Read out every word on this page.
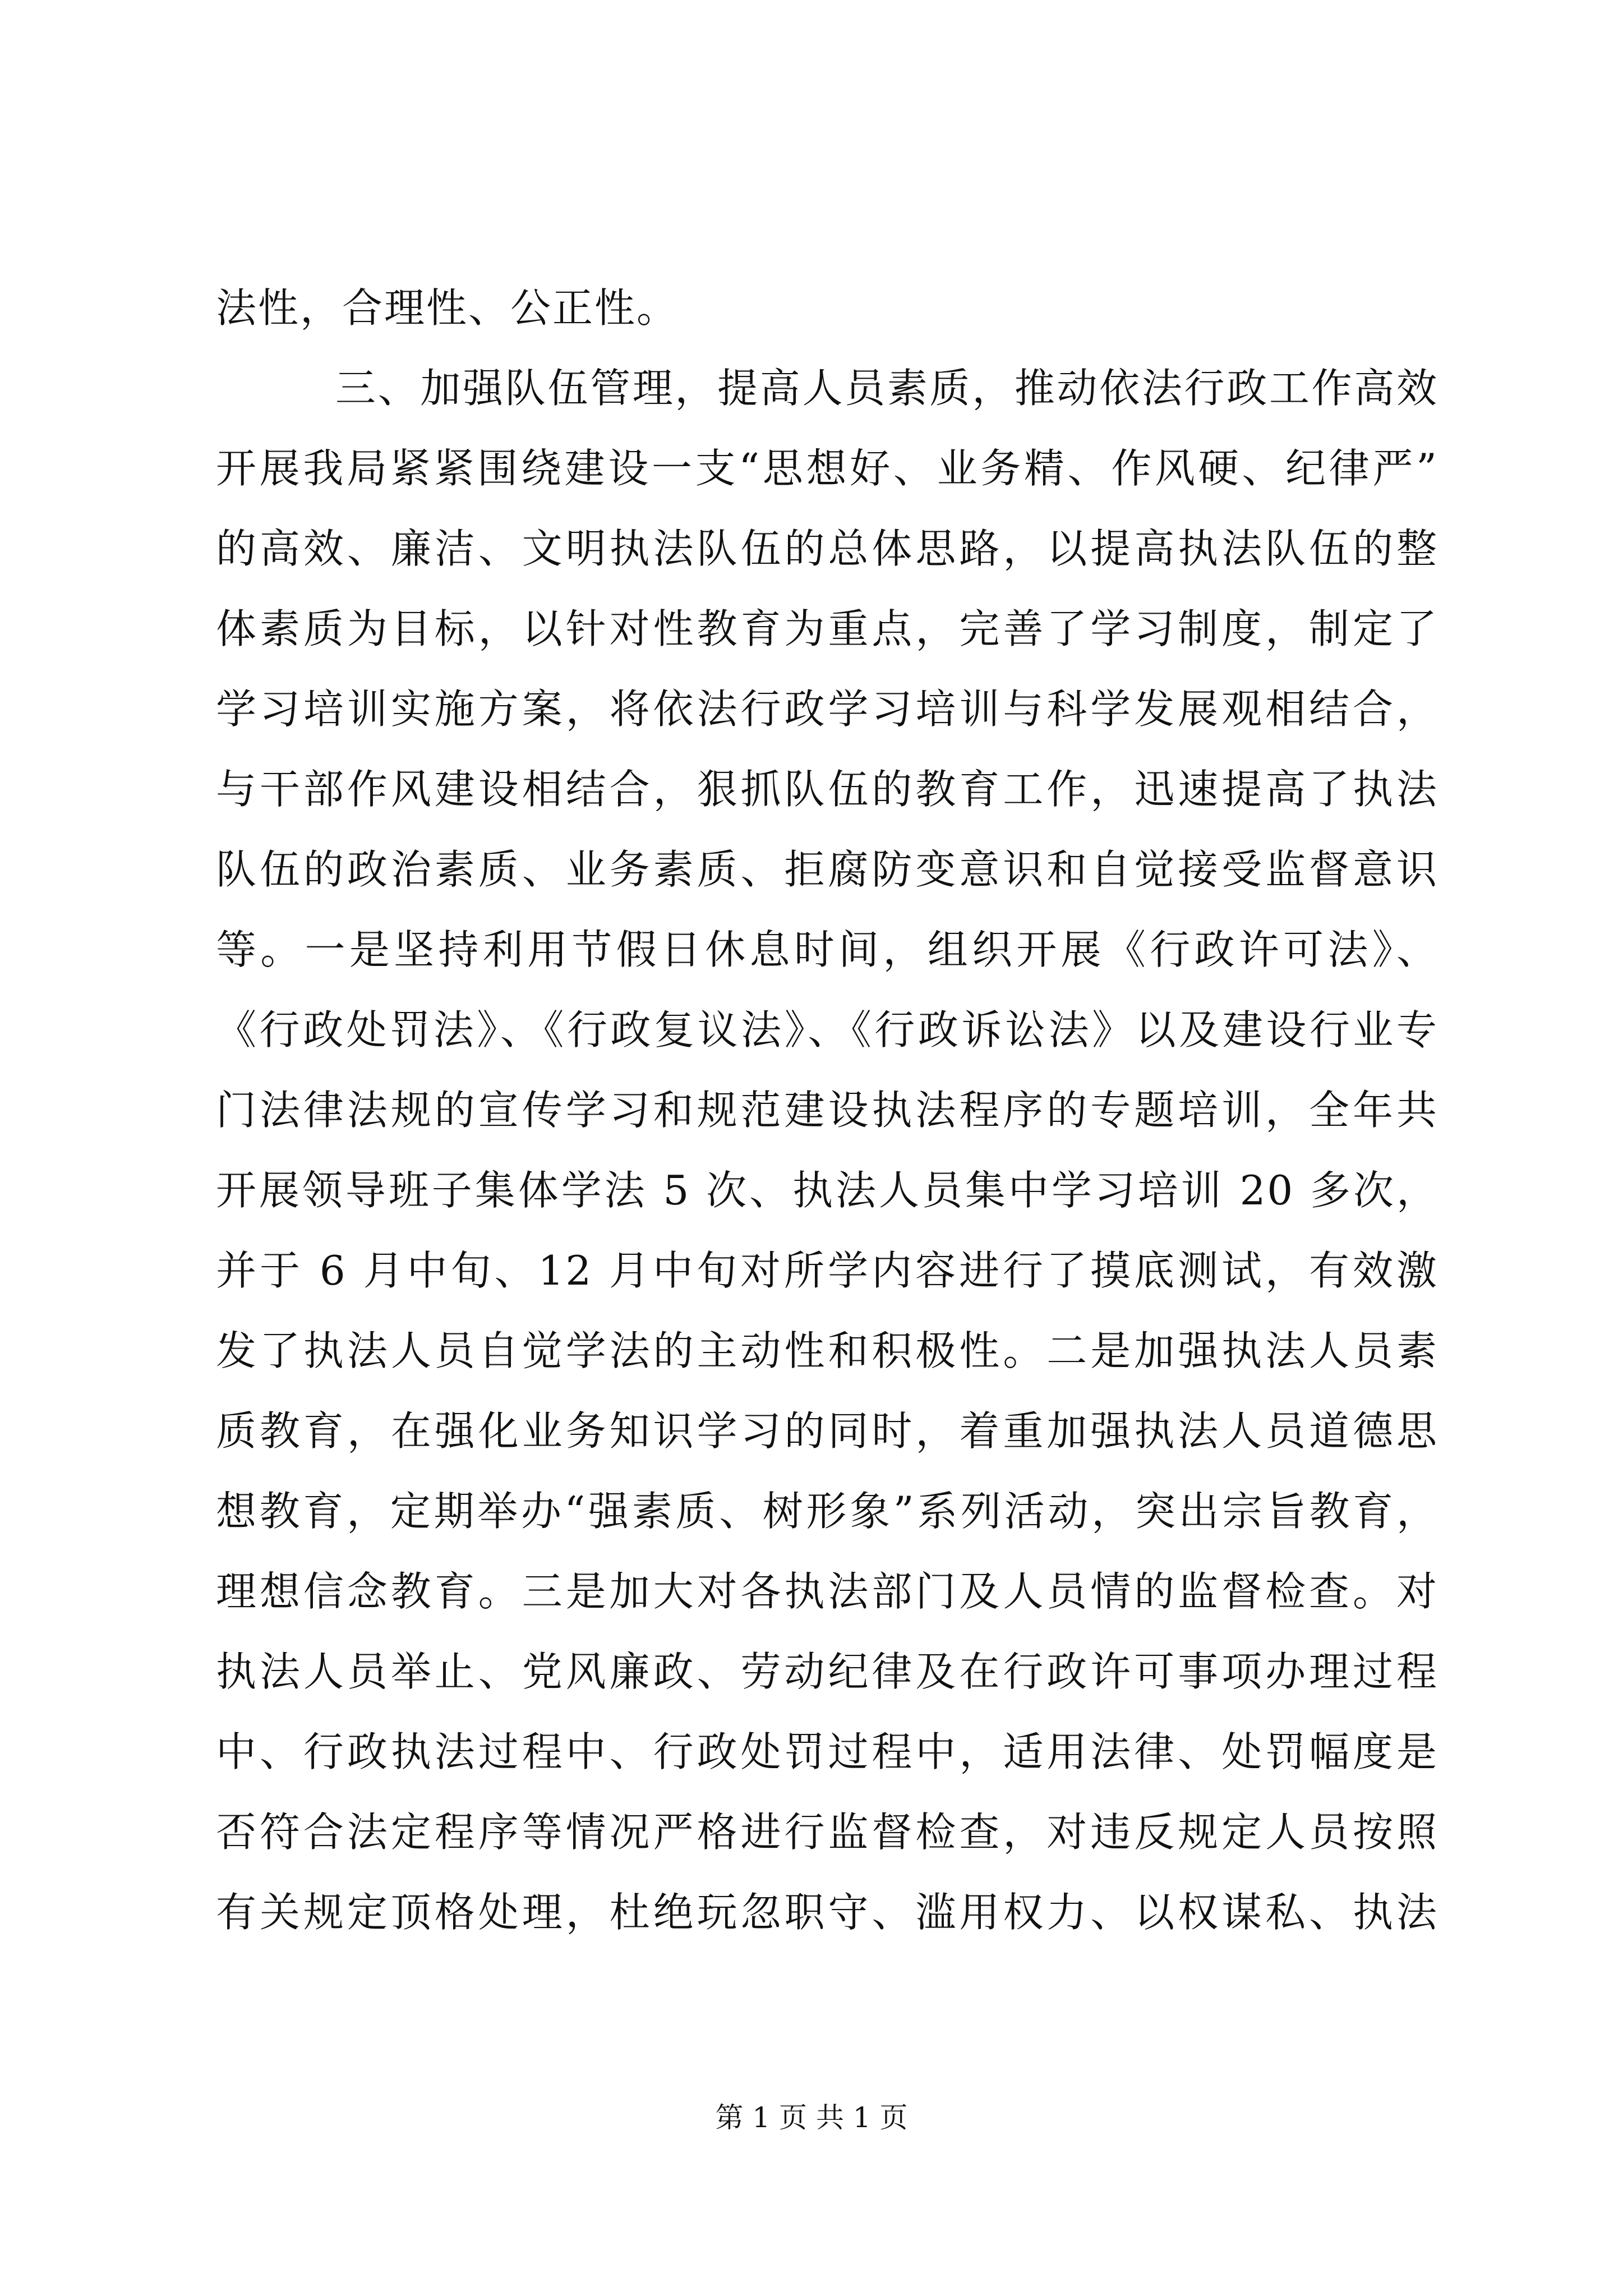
法性，合理性、公正性。
三、加强队伍管理，提高人员素质，推动依法行政工作高效
开展我局紧紧围绕建设一支“思想好、业务精、作风硬、纪律严”
的高效、廉洁、文明执法队伍的总体思路，以提高执法队伍的整
体素质为目标，以针对性教育为重点，完善了学习制度，制定了
学习培训实施方案，将依法行政学习培训与科学发展观相结合，
与干部作风建设相结合，狠抓队伍的教育工作，迅速提高了执法
队伍的政治素质、业务素质、拒腐防变意识和自觉接受监督意识
等。一是坚持利用节假日休息时间，组织开展《行政许可法》、
《行政处罚法》、《行政复议法》、《行政诉讼法》以及建设行业专
门法律法规的宣传学习和规范建设执法程序的专题培训，全年共
开展领导班子集体学法 5 次、执法人员集中学习培训 20 多次，
并于 6 月中旬、12 月中旬对所学内容进行了摸底测试，有效激
发了执法人员自觉学法的主动性和积极性。二是加强执法人员素
质教育，在强化业务知识学习的同时，着重加强执法人员道德思
想教育，定期举办“强素质、树形象”系列活动，突出宗旨教育，
理想信念教育。三是加大对各执法部门及人员情的监督检查。对
执法人员举止、党风廉政、劳动纪律及在行政许可事项办理过程
中、行政执法过程中、行政处罚过程中，适用法律、处罚幅度是
否符合法定程序等情况严格进行监督检查，对违反规定人员按照
有关规定顶格处理，杜绝玩忽职守、滥用权力、以权谋私、执法
第 1 页 共 1 页
